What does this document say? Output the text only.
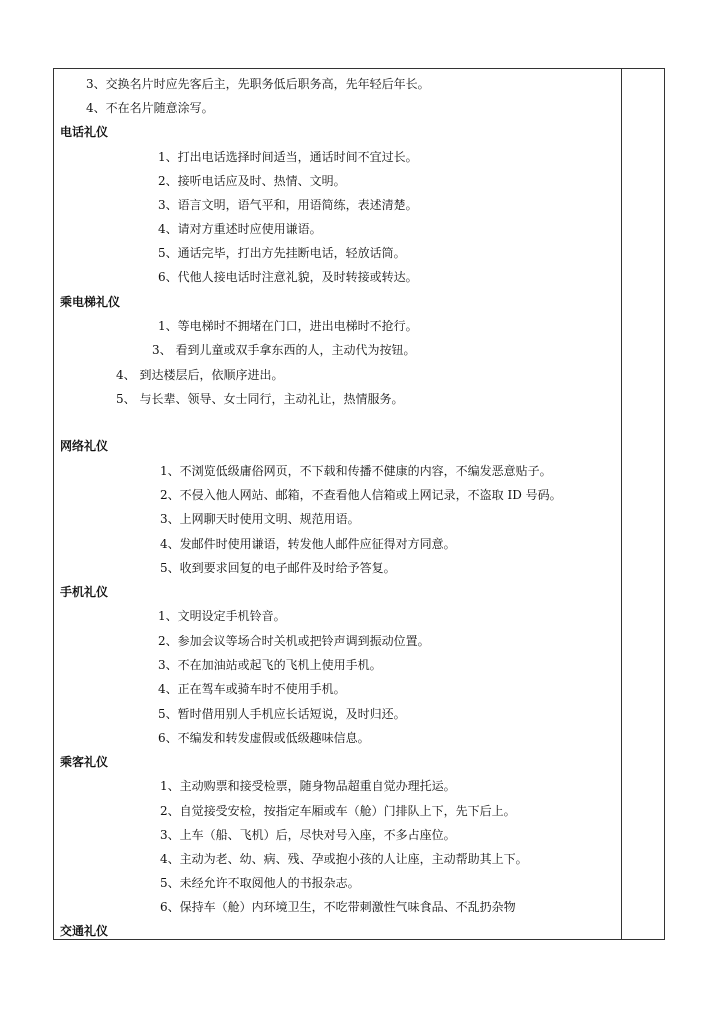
3、交换名片时应先客后主，先职务低后职务高，先年轻后年长。
4、不在名片随意涂写。
电话礼仪
1、打出电话选择时间适当，通话时间不宜过长。
2、接听电话应及时、热情、文明。
3、语言文明，语气平和，用语简练，表述清楚。
4、请对方重述时应使用谦语。
5、通话完毕，打出方先挂断电话，轻放话筒。
6、代他人接电话时注意礼貌，及时转接或转达。
乘电梯礼仪
1、等电梯时不拥堵在门口，进出电梯时不抢行。
3、 看到儿童或双手拿东西的人，主动代为按钮。
4、 到达楼层后，依顺序进出。
5、 与长辈、领导、女士同行，主动礼让，热情服务。
网络礼仪
1、不浏览低级庸俗网页，不下载和传播不健康的内容，不编发恶意贴子。
2、不侵入他人网站、邮箱，不查看他人信箱或上网记录，不盗取 ID 号码。
3、上网聊天时使用文明、规范用语。
4、发邮件时使用谦语，转发他人邮件应征得对方同意。
5、收到要求回复的电子邮件及时给予答复。
手机礼仪
1、文明设定手机铃音。
2、参加会议等场合时关机或把铃声调到振动位置。
3、不在加油站或起飞的飞机上使用手机。
4、正在驾车或骑车时不使用手机。
5、暂时借用别人手机应长话短说，及时归还。
6、不编发和转发虚假或低级趣味信息。
乘客礼仪
1、主动购票和接受检票，随身物品超重自觉办理托运。
2、自觉接受安检，按指定车厢或车（舱）门排队上下，先下后上。
3、上车（船、飞机）后，尽快对号入座，不多占座位。
4、主动为老、幼、病、残、孕或抱小孩的人让座，主动帮助其上下。
5、未经允许不取阅他人的书报杂志。
6、保持车（舱）内环境卫生，不吃带刺激性气味食品、不乱扔杂物
交通礼仪
